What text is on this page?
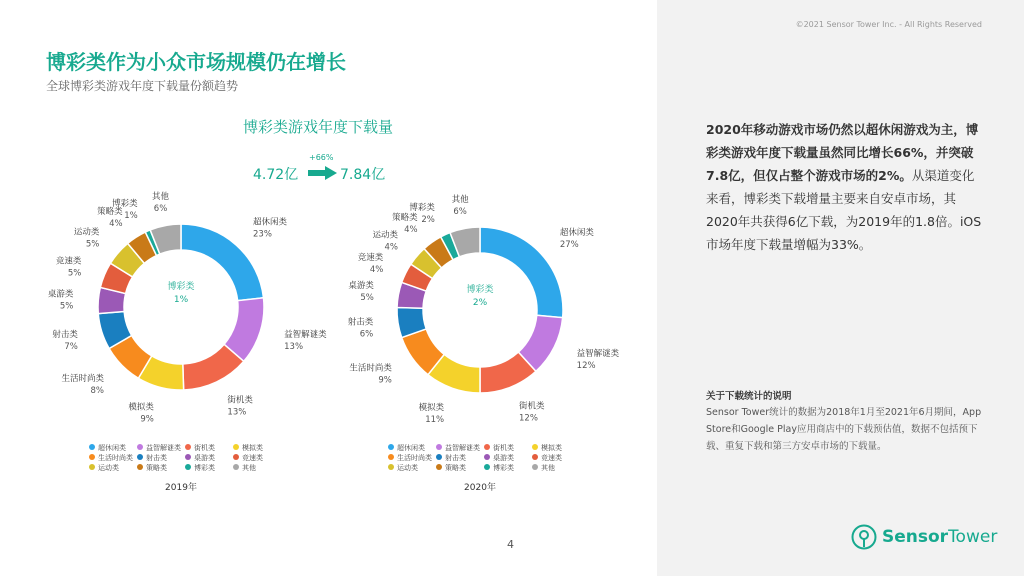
©2021 Sensor Tower Inc. - All Rights Reserved
博彩类作为小众市场规模仍在增长
全球博彩类游戏年度下载量份额趋势
博彩类游戏年度下载量
4.72亿
+66%
7.84亿
超休闲类
23%
益智解谜类
13%
街机类
13%
模拟类
9%
生活时尚类
8%
射击类
7%
桌游类
5%
竞速类
5%
运动类
5%
策略类
4%
博彩类
1%
其他
6%
博彩类
1%
超休闲类	益智解谜类 街机类	模拟类
生活时尚类 射击类	桌游类	竞速类
运动类	策略类	博彩类	其他
2019年
超休闲类
27%
益智解谜类
12%
街机类
12%
模拟类
11%
生活时尚类
9%
射击类
6%
桌游类
5%
竞速类
4%
运动类
4%
策略类
4%
博彩类
2%
其他
6%
博彩类
2%
超休闲类	益智解谜类 街机类	模拟类
生活时尚类 射击类	桌游类	竞速类
运动类	策略类	博彩类	其他
2020年
2020年移动游戏市场仍然以超休闲游戏为主，博彩类游戏年度下载量虽然同比增长66%，并突破7.8亿，但仅占整个游戏市场的2%。从渠道变化来看，博彩类下载增量主要来自安卓市场，其2020年共获得6亿下载，为2019年的1.8倍。iOS市场年度下载量增幅为33%。
关于下载统计的说明
Sensor Tower统计的数据为2018年1月至2021年6月期间，App Store和Google Play应用商店中的下载预估值，数据不包括预下载、重复下载和第三方安卓市场的下载量。
4	SensorTower
